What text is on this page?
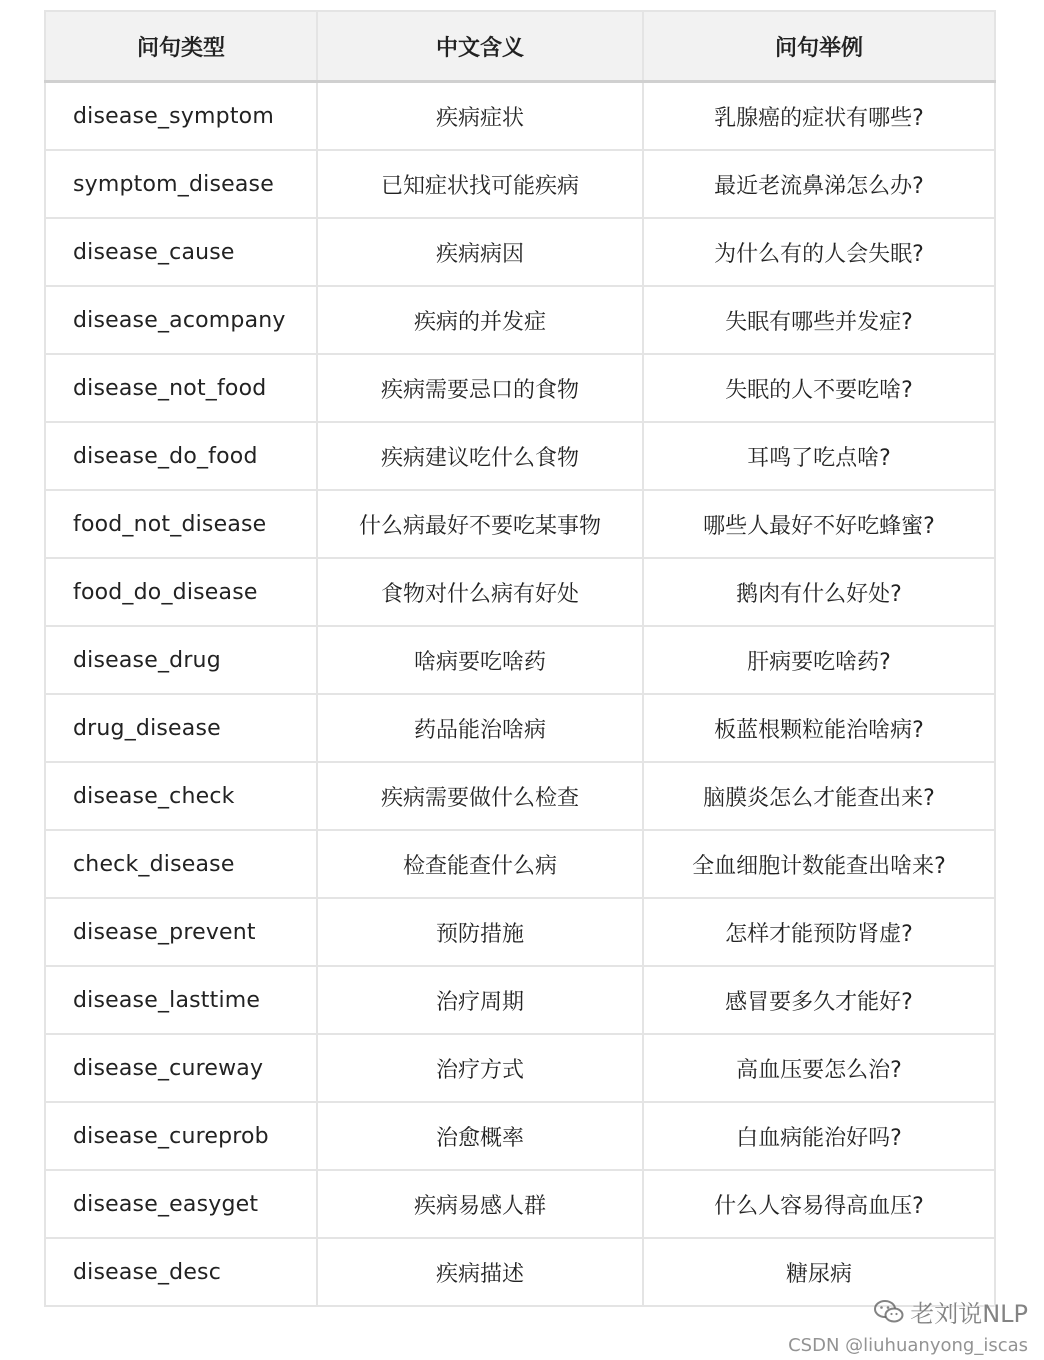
问句类型	中文含义	问句举例
disease_symptom	疾病症状	乳腺癌的症状有哪些?
symptom_disease	已知症状找可能疾病	最近老流鼻涕怎么办?
disease_cause	疾病病因	为什么有的人会失眠?
disease_acompany	疾病的并发症	失眠有哪些并发症?
disease_not_food	疾病需要忌口的食物	失眠的人不要吃啥?
disease_do_food	疾病建议吃什么食物	耳鸣了吃点啥?
food_not_disease	什么病最好不要吃某事物	哪些人最好不好吃蜂蜜?
food_do_disease	食物对什么病有好处	鹅肉有什么好处?
disease_drug	啥病要吃啥药	肝病要吃啥药?
drug_disease	药品能治啥病	板蓝根颗粒能治啥病?
disease_check	疾病需要做什么检查	脑膜炎怎么才能查出来?
check_disease	检查能查什么病	全血细胞计数能查出啥来?
disease_prevent	预防措施	怎样才能预防肾虚?
disease_lasttime	治疗周期	感冒要多久才能好?
disease_cureway	治疗方式	高血压要怎么治?
disease_cureprob	治愈概率	白血病能治好吗?
disease_easyget	疾病易感人群	什么人容易得高血压?
disease_desc	疾病描述	糖尿病
老刘说NLP
CSDN @liuhuanyong_iscas
